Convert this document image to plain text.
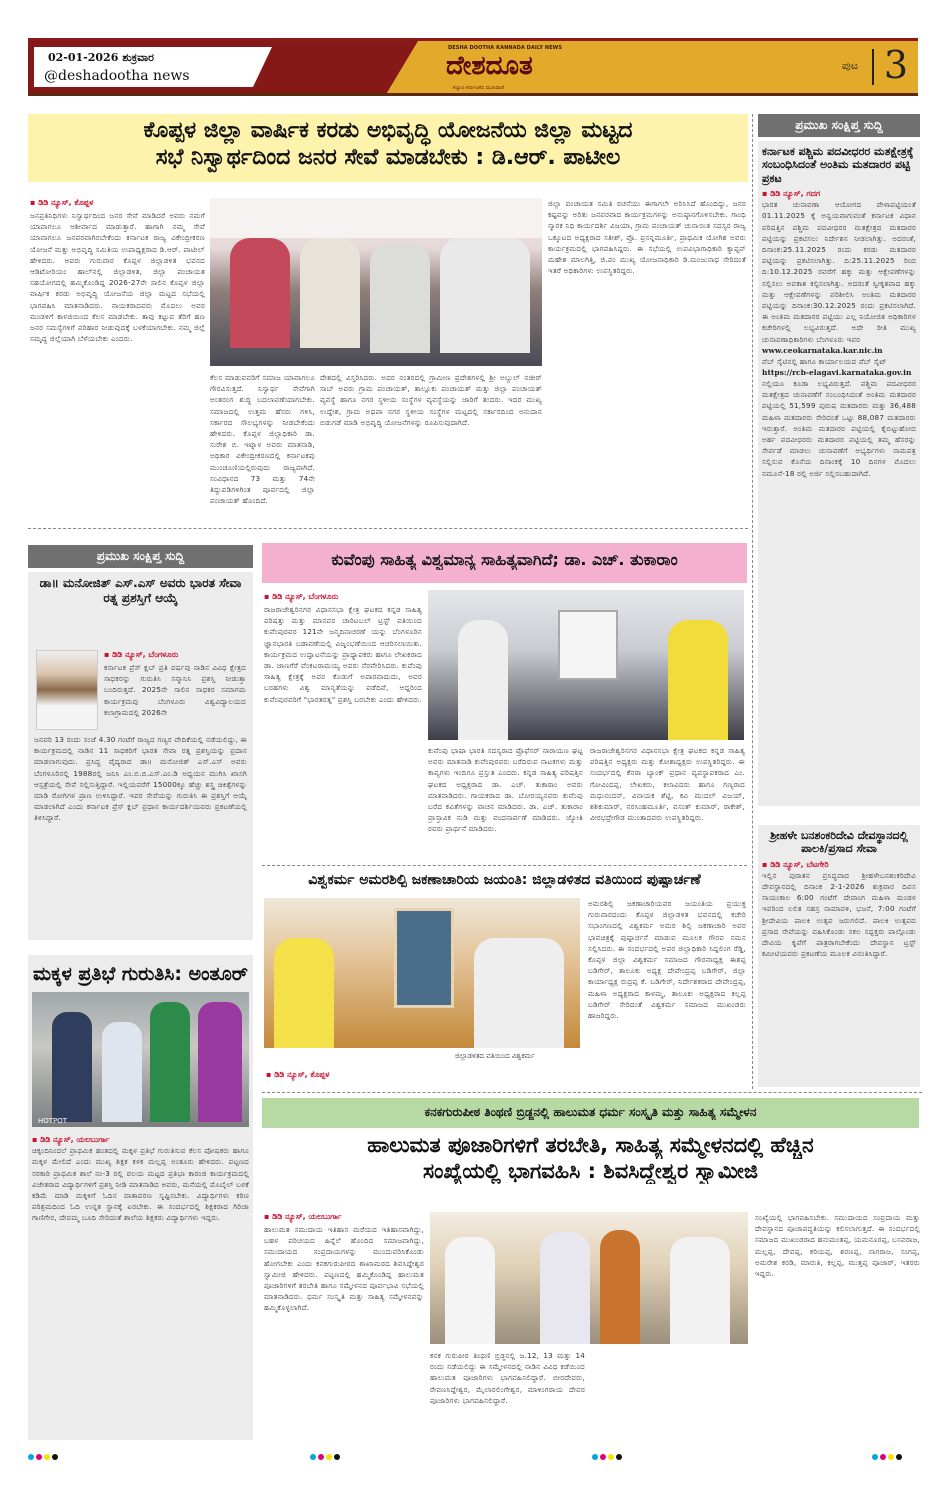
02-01-2026 ಶುಕ್ರವಾರ
@deshadootha news
DESHA DOOTHA KANNADA DAILY NEWS
ದೇಶದೂತ
ಕಲ್ಯಾಣ ಕರ್ನಾಟಕದ ಮುಖವಾಣಿ
ಪುಟ 3
ಕೊಪ್ಪಳ ಜಿಲ್ಲಾ ವಾರ್ಷಿಕ ಕರಡು ಅಭಿವೃದ್ಧಿ ಯೋಜನೆಯ ಜಿಲ್ಲಾ ಮಟ್ಟದ
ಸಭೆ ನಿಸ್ವಾರ್ಥದಿಂದ ಜನರ ಸೇವೆ ಮಾಡಬೇಕು : ಡಿ.ಆರ್. ಪಾಟೀಲ
▪ ಡಿಡಿ ನ್ಯೂಸ್, ಕೊಪ್ಪಳ
ಜನಪ್ರತಿನಿಧಿಗಳು ನಿಸ್ವಾರ್ಥದಿಂದ ಜನರ ಸೇವೆ ಮಾಡಿದರೆ ಅವರು ನಮಗೆ ಯಾವಾಗಲೂ ಆಶೀರ್ವಾದ ಮಾಡುತ್ತಾರೆ. ಹಾಗಾಗಿ ನಮ್ಮ ಸೇವೆ ಯಾವಾಗಲೂ ಜನಪರವಾಗಿರಬೇಕೆಂದು ಕರ್ನಾಟಕ ರಾಜ್ಯ ವಿಕೇಂದ್ರೀಕರಣ ಯೋಜನೆ ಮತ್ತು ಅಭಿವೃದ್ಧಿ ಸಮಿತಿಯ ಉಪಾಧ್ಯಕ್ಷರಾದ ಡಿ.ಆರ್. ಪಾಟೀಲ್ ಹೇಳಿದರು. ಅವರು ಗುರುವಾರ ಕೊಪ್ಪಳ ಜಿಲ್ಲಾಡಳಿತ ಭವನದ ಆಡಿಟೋರಿಯಂ ಹಾಲ್‌ನಲ್ಲಿ ಜಿಲ್ಲಾಡಳಿತ, ಜಿಲ್ಲಾ ಪಂಚಾಯತ ಸಹಯೋಗದಲ್ಲಿ ಹಮ್ಮಿಕೊಂಡಿದ್ದ 2026-27ನೇ ಸಾಲಿನ ಕೊಪ್ಪಳ ಜಿಲ್ಲಾ ವಾರ್ಷಿಕ ಕರಡು ಅಭಿವೃದ್ಧಿ ಯೋಜನೆಯ ಜಿಲ್ಲಾ ಮಟ್ಟದ ಸಭೆಯಲ್ಲಿ ಭಾಗವಹಿಸಿ ಮಾತನಾಡಿದರು. ನಾಯಕರಾದವರು ಮೊದಲು ಅವರ ಮಂಡಳಿಗೆ ಕಾಳಜಿಯಿಂದ ಕೆಲಸ ಮಾಡಬೇಕು. ತಾವು ಕಟ್ಟುವ ತೆರಿಗೆ ಹಣ ಜನರ ಸಮಸ್ಯೆಗಳಿಗೆ ಪರಿಹಾರ ನೀಡುವುದಕ್ಕೆ ಬಳಕೆಯಾಗಬೇಕು. ನಮ್ಮ ಜಿಲ್ಲೆ ಸಮೃದ್ಧ ಜಿಲ್ಲೆಯಾಗಿ ಬೆಳೆಯಬೇಕು ಎಂದರು.
ಕೆಲಸ ಮಾಡುವವರಿಗೆ ಸಮಾಜ ಯಾವಾಗಲೂ ಗೌರವಿಸುತ್ತದೆ. ನಿಸ್ವಾರ್ಥ ಸೇವೆಗಾಗಿ ಅಂತರಂಗ ಶುದ್ಧಿ ಬದಲಾವಣೆಯಾಗಬೇಕು. ಸಮಾಜದಲ್ಲಿ ಉತ್ತಮ ಹೆಸರು ಗಳಿಸಿ, ಸರ್ಕಾರದ ಸೌಲಭ್ಯಗಳನ್ನು ನೀಡಬೇಕೆಂದು ಹೇಳಿದರು. ಕೊಪ್ಪಳ ಜಿಲ್ಲಾಧಿಕಾರಿ ಡಾ. ಸುರೇಶ ಬಿ. ಇಟ್ನಾಳ ಅವರು ಮಾತನಾಡಿ, ಅಧಿಕಾರ ವಿಕೇಂದ್ರೀಕರಣದಲ್ಲಿ ಕರ್ನಾಟಕವು ಮುಂಚೂಣಿಯಲ್ಲಿರುವುದು ರಾಜ್ಯವಾಗಿದೆ. ಸಂವಿಧಾನದ 73 ಮತ್ತು 74ನೇ ತಿದ್ದುಪಡಿಗಳಿಗಿಂತ ಪೂರ್ವದಲ್ಲಿ ಜಿಲ್ಲಾ ಪಂಚಾಯತ್ ಹೊಂದಿದೆ.
ದೇಶದಲ್ಲಿ ವಿಸ್ತರಿಸಿದರು. ಅದರ ನಂತರದಲ್ಲಿ ಗ್ರಾಮೀಣ ಪ್ರದೇಶಗಳಲ್ಲಿ ಶ್ರೀ ಅಬ್ದುಲ್ ನಜೀರ್ ಸಾಬ್ ಅವರು ಗ್ರಾಮ ಪಂಚಾಯತ್, ತಾಲ್ಲೂಕು ಪಂಚಾಯತ್ ಮತ್ತು ಜಿಲ್ಲಾ ಪಂಚಾಯತ್ ವ್ಯವಸ್ಥೆ ಹಾಗೂ ನಗರ ಸ್ಥಳೀಯ ಸಂಸ್ಥೆಗಳ ವ್ಯವಸ್ಥೆಯನ್ನು ಜಾರಿಗೆ ತಂದರು. ಇದರ ಮುಖ್ಯ ಉದ್ದೇಶ, ಗ್ರಾಮ ಅಥವಾ ನಗರ ಸ್ಥಳೀಯ ಸಂಸ್ಥೆಗಳ ಮಟ್ಟದಲ್ಲಿ ಸರ್ಕಾರದಿಂದ ಅನುದಾನ ಬಿಡುಗಡೆ ಮಾಡಿ ಅಭಿವೃದ್ಧಿ ಯೋಜನೆಗಳನ್ನು ರೂಪಿಸುವುದಾಗಿದೆ.
ಜಿಲ್ಲಾ ಪಂಚಾಯತ ಸಮಿತಿ ರಚನೆಯು ಈಗಾಗಲೇ ಅರಿಸಿಸಿದೆ ಹೊಂದಿದ್ದು, ಜನರ ಕಷ್ಟವನ್ನು ಅರಿತು ಜನಪರವಾದ ಕಾರ್ಯಕ್ರಮಗಳನ್ನು ಅನುಷ್ಠಾನಗೊಳಿಸಬೇಕು. ಗಾಂಧಿ ಸ್ಮಾರಕ ನಿಧಿ ಕಾರ್ಯದರ್ಶಿ ವಿಜಯಾ, ಗ್ರಾಮ ಪಂಚಾಯತ್ ಚುನಾಯಿತ ಸದಸ್ಯರ ರಾಜ್ಯ ಒಕ್ಕೂಟದ ಅಧ್ಯಕ್ಷರಾದ ಸತೀಶ್, ಪ್ರೊ. ಪ್ರಸನ್ನಮೂರ್ತಿ, ಪ್ರಾಥಮಿಕ ಯೋಗಿಶ ಅವರು ಕಾರ್ಯಕ್ರಮದಲ್ಲಿ ಭಾಗವಹಿಸಿದ್ದರು. ಈ ಸಭೆಯಲ್ಲಿ ಉಪವಿಭಾಗಾಧಿಕಾರಿ ಕ್ಯಾಪ್ಟನ್ ಮಹೇಶ ಮಾಲಗಿತ್ತಿ, ಜಿ.ಪಂ ಮುಖ್ಯ ಯೋಜನಾಧಿಕಾರಿ ಡಿ.ಮಂಜುನಾಥ ಸೇರಿದಂತೆ ಇತರೆ ಅಧಿಕಾರಿಗಳು ಉಪಸ್ಥಿತರಿದ್ದರು.
ಪ್ರಮುಖ ಸಂಕ್ಷಿಪ್ತ ಸುದ್ದಿ
ಕರ್ನಾಟಕ ಪಶ್ಚಿಮ ಪದವೀಧರರ ಮತಕ್ಷೇತ್ರಕ್ಕೆ ಸಂಬಂಧಿಸಿದಂತೆ ಅಂತಿಮ ಮತದಾರರ ಪಟ್ಟಿ ಪ್ರಕಟ
▪ ಡಿಡಿ ನ್ಯೂಸ್, ಗದಗ
ಭಾರತ ಚುನಾವಣಾ ಆಯೋಗದ ವೇಳಾಪಟ್ಟಿಯಂತೆ 01.11.2025 ಕ್ಕೆ ಅನ್ವಯವಾಗುವಂತೆ ಕರ್ನಾಟಕ ವಿಧಾನ ಪರಿಷತ್ತಿನ ಪಶ್ಚಿಮ ಪದವೀಧರರ ಮತಕ್ಷೇತ್ರದ ಮತದಾರರ ಪಟ್ಟಿಯನ್ನು ಪ್ರಕಟಿಸಲು ನಿರ್ದೇಶನ ನೀಡಲಾಗಿತ್ತು. ಅದರಂತೆ, ದಿನಾಂಕ:25.11.2025 ರಂದು ಕರಡು ಮತದಾರರ ಪಟ್ಟಿಯನ್ನು ಪ್ರಕಟಿಸಲಾಗಿತ್ತು. ದಿ:25.11.2025 ರಿಂದ ದಿ:10.12.2025 ರವರೆಗೆ ಹಕ್ಕು ಮತ್ತು ಆಕ್ಷೇಪಣೆಗಳನ್ನು ಸಲ್ಲಿಸಲು ಅವಕಾಶ ಕಲ್ಪಿಸಲಾಗಿತ್ತು. ಅದರಂತೆ ಸ್ವೀಕೃತವಾದ ಹಕ್ಕು ಮತ್ತು ಆಕ್ಷೇಪಣೆಗಳನ್ನು ಪರಿಶೀಲಿಸಿ ಅಂತಿಮ ಮತದಾರರ ಪಟ್ಟಿಯನ್ನು ದಿನಾಂಕ:30.12.2025 ರಂದು ಪ್ರಕಟಿಸಲಾಗಿದೆ. ಈ ಅಂತಿಮ ಮತದಾರರ ಪಟ್ಟಿಯು ಎಲ್ಲ ನಿಯೋಜಿತ ಅಧಿಕಾರಿಗಳ ಕಚೇರಿಗಳಲ್ಲಿ ಲಭ್ಯವಿರುತ್ತದೆ. ಅದೇ ರೀತಿ ಮುಖ್ಯ ಚುನಾವಣಾಧಿಕಾರಿಗಳು ಬೆಂಗಳೂರು ಇವರ
www.ceokarnataka.kar.nic.in
ವೆಬ್ ಸೈಟಿನಲ್ಲಿ ಹಾಗೂ ಕಾರ್ಯಾಲಯದ ವೆಬ್ ಸೈಟ್
https://rcb-elagavi.karnataka.gov.in
ನಲ್ಲಿಯೂ ಕೂಡಾ ಲಭ್ಯವಿರುತ್ತದೆ. ಪಶ್ಚಿಮ ಪದವೀಧರರ ಮತಕ್ಷೇತ್ರದ ಚುನಾವಣೆಗೆ ಸಂಬಂಧಿಸಿದಂತೆ ಅಂತಿಮ ಮತದಾರರ ಪಟ್ಟಿಯಲ್ಲಿ 51,599 ಪುರುಷ ಮತದಾರರು ಮತ್ತು 36,488 ಮಹಿಳಾ ಮತದಾರರು ಸೇರಿದಂತೆ ಒಟ್ಟು 88,087 ಮತದಾರರು ಇರುತ್ತಾರೆ. ಅಂತಿಮ ಮತದಾರರ ಪಟ್ಟಿಯಲ್ಲಿ ಕೈಬಿಟ್ಟುಹೋದ ಅರ್ಹ ಪದವೀಧರರು ಮತದಾರರ ಪಟ್ಟಿಯಲ್ಲಿ ತಮ್ಮ ಹೆಸರನ್ನು ಸೇರ್ಪಡೆ ಮಾಡಲು ಚುನಾವಣೆಗೆ ಅಭ್ಯರ್ಥಿಗಳು ನಾಮಪತ್ರ ಸಲ್ಲಿಸುವ ಕೊನೆಯ ದಿನಾಂಕಕ್ಕೆ 10 ದಿನಗಳ ಮೊದಲು ನಮೂನೆ-18 ರಲ್ಲಿ ಅರ್ಜಿ ಸಲ್ಲಿಸಬಹುದಾಗಿದೆ.
ಶ್ರೀಹಳೇ ಬನಶಂಕರಿದೇವಿ ದೇವಸ್ಥಾನದಲ್ಲಿ ಪಾಲಕಿ/ಪ್ರಸಾದ ಸೇವಾ
▪ ಡಿಡಿ ನ್ಯೂಸ್, ಬೆಟಗೇರಿ
ಇಲ್ಲಿನ ಪುರಾತನ ಪ್ರಸಿದ್ಧವಾದ ಶ್ರೀಹಳೇಬನಶಂಕರಿದೇವಿ ದೇವಸ್ಥಾನದಲ್ಲಿ ದಿನಾಂಕ 2-1-2026 ಶುಕ್ರವಾರ ದಿವಸ ಸಾಯಂಕಾಲ 6:00 ಗಂಟೆಗೆ ದೇವಾಂಗ ಮಹಿಳಾ ಮಂಡಳ ಇವರಿಂದ ಲಲಿತ ಸಹಸ್ರ ನಾಮಾವಳಿ, ಭಜನೆ, 7:00 ಗಂಟೆಗೆ ಶ್ರೀದೇವಿಯ ಪಾಲಕಿ ಉತ್ಸವ ಜರುಗಲಿದೆ. ಪಾಲಕಿ ಉತ್ಸವದ ಪ್ರಸಾದ ಸೇವೆಯನ್ನು ವಹಿಸಿಕೊಂಡು ಸಕಲ ಸದ್ಭಕ್ತರು ಪಾಲ್ಗೊಂಡು ದೇವಿಯ ಕೃಪೆಗೆ ಪಾತ್ರರಾಗಬೇಕೆಂದು ದೇವಸ್ಥಾನ ಟ್ರಸ್ಟ್ ಕಮೀಟಿಯವರು ಪ್ರಕಟಣೆಯ ಮೂಲಕ ವಿನಂತಿಸಿದ್ದಾರೆ.
ಪ್ರಮುಖ ಸಂಕ್ಷಿಪ್ತ ಸುದ್ದಿ
ಡಾ॥ ಮನೋಜಿತ್ ಎಸ್.ಎಸ್ ಅವರು ಭಾರತ ಸೇವಾ ರತ್ನ ಪ್ರಶಸ್ತಿಗೆ ಆಯ್ಕೆ
▪ ಡಿಡಿ ನ್ಯೂಸ್, ಬೆಂಗಳೂರು
ಕರ್ನಾಟಕ ಪ್ರೆಸ್ ಕ್ಲಬ್ ಪ್ರತಿ ವರ್ಷವು ನಾಡಿನ ವಿವಿಧ ಕ್ಷೇತ್ರದ ಸಾಧಕರನ್ನು ಗುರುತಿಸಿ ಸನ್ಮಾನಿಸಿ ಪ್ರಶಸ್ತಿ ನೀಡುತ್ತಾ ಬಂದಿರುತ್ತದೆ. 2025ನೇ ಸಾಲಿನ ಸಾಧಕರ ಸಮಾಗಮ ಕಾರ್ಯಕ್ರಮವು ಬೆಂಗಳೂರು ವಿಶ್ವವಿದ್ಯಾಲಯದ ಕಲಾಗ್ರಾಮದಲ್ಲಿ 2026ನೇ
ಜನವರಿ 13 ರಂದು ಸಂಜೆ 4.30 ಗಂಟೆಗೆ ರಾಜ್ಯದ ಗಣ್ಯರ ವೇದಿಕೆಯಲ್ಲಿ ನಡೆಯಲಿದ್ದು, ಈ ಕಾರ್ಯಕ್ರಮದಲ್ಲಿ ನಾಡಿನ 11 ಸಾಧಕರಿಗೆ ಭಾರತ ಸೇವಾ ರತ್ನ ಪ್ರಶಸ್ತಿಯನ್ನು ಪ್ರದಾನ ಮಾಡಲಾಗುವುದು. ಪ್ರಸಿದ್ಧ ವೈದ್ಯರಾದ ಡಾ॥ ಮನೋಜಿತ್ ಎಸ್.ಎಸ್ ಅವರು ಬೆಂಗಳೂರಿನಲ್ಲಿ 1988ರಲ್ಲಿ ಜನಿಸಿ ಎಂ.ಬಿ.ಬಿ.ಎಸ್.ಎಂ.ಡಿ ಅಧ್ಯಯನ ಮುಗಿಸಿ ಖಾಸಗಿ ಆಸ್ಪತ್ರೆಯಲ್ಲಿ ಸೇವೆ ಸಲ್ಲಿಸುತ್ತಿದ್ದಾರೆ. ಇಲ್ಲಿಯವರೆಗೆ 15000ಕ್ಕೂ ಹೆಚ್ಚು ಶಸ್ತ್ರ ಚಿಕಿತ್ಸೆಗಳನ್ನು ಮಾಡಿ ರೋಗಿಗಳ ಪ್ರಾಣ ಉಳಿಸಿದ್ದಾರೆ. ಇವರ ಸೇವೆಯನ್ನು ಗುರುತಿಸಿ ಈ ಪ್ರಶಸ್ತಿಗೆ ಆಯ್ಕೆ ಮಾಡಲಾಗಿದೆ ಎಂದು ಕರ್ನಾಟಕ ಪ್ರೆಸ್ ಕ್ಲಬ್ ಪ್ರಧಾನ ಕಾರ್ಯದರ್ಶಿಯವರು ಪ್ರಕಟಣೆಯಲ್ಲಿ ತಿಳಿಸಿದ್ದಾರೆ.
ಕುವೆಂಪು ಸಾಹಿತ್ಯ ವಿಶ್ವಮಾನ್ಯ ಸಾಹಿತ್ಯವಾಗಿದೆ; ಡಾ. ಎಚ್. ತುಕಾರಾಂ
▪ ಡಿಡಿ ನ್ಯೂಸ್, ಬೆಂಗಳೂರು
ರಾಜರಾಜೇಶ್ವರಿನಗರ ವಿಧಾನಸಭಾ ಕ್ಷೇತ್ರ ಘಟಕದ ಕನ್ನಡ ಸಾಹಿತ್ಯ ಪರಿಷತ್ತು ಮತ್ತು ಮಾನವರ ಚಾರಿಟಬಲ್ ಟ್ರಸ್ಟ್ ವತಿಯಿಂದ ಕುವೆಂಪುರವರ 121ನೇ ಜನ್ಮದಿನಾಚರಣೆ ಯನ್ನು ಬೆಂಗಳೂರಿನ ಜ್ಞಾನಭಾರತಿ ಬಡಾವಣೆಯಲ್ಲಿ ವಿಜೃಂಭಣೆಯಿಂದ ಆಚರಿಸಲಾಯಿತು. ಕಾರ್ಯಕ್ರಮದ ಉದ್ಘಾಟನೆಯನ್ನು ಪ್ರಾಧ್ಯಾಪಕರು ಹಾಗೂ ಲೇಖಕರಾದ ಡಾ. ಜಾಣಗೆರೆ ವೆಂಕಟರಾಮಯ್ಯ ಅವರು ನೆರವೇರಿಸಿದರು. ಕುವೆಂಪು ಸಾಹಿತ್ಯ ಕ್ಷೇತ್ರಕ್ಕೆ ಅವರ ಕೊಡುಗೆ ಅಪಾರವಾದುದು, ಅವರ ಬರಹಗಳು ವಿಶ್ವ ಮಾನ್ಯತೆಯನ್ನು ಪಡೆದಿವೆ, ಆದ್ದರಿಂದ ಕುವೆಂಪುರವರಿಗೆ "ಭಾರತರತ್ನ" ಪ್ರಶಸ್ತಿ ಬರಬೇಕು ಎಂದು ಹೇಳಿದರು.
ಕುವೆಂಪು ಭಾಷಾ ಭಾರತಿ ಸದಸ್ಯರಾದ ಪ್ರೊಫೆಸರ್ ನಾರಾಯಣ ಘಟ್ಟ ಅವರು ಮಾತನಾಡಿ ಕುವೆಂಪುರವರು ಬರೆದಿರುವ ನಾಟಕಗಳು ಮತ್ತು ಕಾವ್ಯಗಳು ಇಂದಿಗೂ ಪ್ರಸ್ತುತ ಎಂದರು. ಕನ್ನಡ ಸಾಹಿತ್ಯ ಪರಿಷತ್ತಿನ ಘಟಕದ ಅಧ್ಯಕ್ಷರಾದ ಡಾ. ಎಚ್. ತುಕಾರಾಂ ಅವರು ಮಾತನಾಡಿದರು. ಗಾಯಕರಾದ ಡಾ. ಬೋರಯ್ಯನವರು ಕುವೆಂಪು ಬರೆದ ಕವಿತೆಗಳನ್ನು ವಾಚನ ಮಾಡಿದರು. ಡಾ. ಎಚ್. ತುಕಾರಾಂ ಪ್ರಾಸ್ತಾವಿಕ ನುಡಿ ಮತ್ತು ವಂದನಾರ್ಪಣೆ ಮಾಡಿದರು. ಜ್ಯೋತಿ ರವರು ಪ್ರಾರ್ಥನೆ ಮಾಡಿದರು.
ರಾಜರಾಜೇಶ್ವರಿನಗರ ವಿಧಾನಸಭಾ ಕ್ಷೇತ್ರ ಘಟಕದ ಕನ್ನಡ ಸಾಹಿತ್ಯ ಪರಿಷತ್ತಿನ ಅಧ್ಯಕ್ಷರು ಮತ್ತು ಕೋಶಾಧ್ಯಕ್ಷರು ಉಪಸ್ಥಿತರಿದ್ದರು. ಈ ಸಂದರ್ಭದಲ್ಲಿ ಕೆನರಾ ಬ್ಯಾಂಕ್ ಪ್ರಧಾನ ವ್ಯವಸ್ಥಾಪಕರಾದ ಎಂ. ಗೋವಿಂದಪ್ಪ, ಲೇಖಕರು, ಕಲಾವಿದರು ಹಾಗೂ ಗಣ್ಯರಾದ ಮಧುನಂದನ್, ವಿನಾಯಕ ಶೆಟ್ಟಿ, ಕವಿ ಮುದಲ್ ವಿಜಯ್, ಶಶಿಕುಮಾರ್, ನರಸಿಂಹಮೂರ್ತಿ, ವಸಂತ್ ಕುಮಾರ್, ರಾಕೇಶ್, ವೀರಭದ್ರೇಗೌಡ ಮುಂತಾದವರು ಉಪಸ್ಥಿತರಿದ್ದರು.
ವಿಶ್ವಕರ್ಮ ಅಮರಶಿಲ್ಪಿ ಜಕಣಾಚಾರಿಯ ಜಯಂತಿ: ಜಿಲ್ಲಾಡಳಿತದ ವತಿಯಿಂದ ಪುಷ್ಪಾರ್ಚಣೆ
ಜಿಲ್ಲಾಡಳಿತದ ವತಿಯಿಂದ ವಿಶ್ವಕರ್ಮ
▪ ಡಿಡಿ ನ್ಯೂಸ್, ಕೊಪ್ಪಳ
ಅಮರಶಿಲ್ಪಿ ಜಕಣಾಚಾರಿಯವರ ಜಯಂತಿಯ ಪ್ರಯುಕ್ತ ಗುರುವಾರದಂದು ಕೊಪ್ಪಳ ಜಿಲ್ಲಾಡಳಿತ ಭವನದಲ್ಲಿ ಕಚೇರಿ ಸಭಾಂಗಣದಲ್ಲಿ ವಿಶ್ವಕರ್ಮ ಅಮರ ಶಿಲ್ಪಿ ಜಕಣಾಚಾರಿ ಅವರ ಭಾವಚಿತ್ರಕ್ಕೆ ಪುಷ್ಪಾರ್ಚನೆ ಮಾಡುವ ಮೂಲಕ ಗೌರವ ನಮನ ಸಲ್ಲಿಸಿದರು. ಈ ಸಂದರ್ಭದಲ್ಲಿ ಅಪರ ಜಿಲ್ಲಾಧಿಕಾರಿ ಸಿದ್ದಲಿಂಗ ರೆಡ್ಡಿ, ಕೊಪ್ಪಳ ಜಿಲ್ಲಾ ವಿಶ್ವಕರ್ಮ ಸಮಾಜದ ಗೌರವಾಧ್ಯಕ್ಷ ಈಶಪ್ಪ ಬಡಿಗೇರ್, ತಾಲೂಕು ಅಧ್ಯಕ್ಷ ದೇವೇಂದ್ರಪ್ಪ ಬಡಿಗೇರ್, ಜಿಲ್ಲಾ ಕಾರ್ಯಾಧ್ಯಕ್ಷ ರುದ್ರಪ್ಪ ಕೆ. ಬಡಿಗೇರ್, ನಿರ್ದೇಶಕರಾದ ದೇವೇಂದ್ರಪ್ಪ, ಮಹಿಳಾ ಅಧ್ಯಕ್ಷರಾದ ಕಾಳಮ್ಮ, ತಾಲೂಕು ಅಧ್ಯಕ್ಷರಾದ ಕಲ್ಲಪ್ಪ ಬಡಿಗೇರ್ ಸೇರಿದಂತೆ ವಿಶ್ವಕರ್ಮ ಸಮಾಜದ ಮುಖಂಡರು ಹಾಜರಿದ್ದರು.
ಮಕ್ಕಳ ಪ್ರತಿಭೆ ಗುರುತಿಸಿ: ಅಂತೂರ್
HOTPOT
▪ ಡಿಡಿ ನ್ಯೂಸ್, ಯಲಬುರ್ಗಾ
ಚಿಕ್ಕಂದಿನಿಂದಲೆ ಪ್ರಾಥಮಿಕ ಹಂತದಲ್ಲಿ ಮಕ್ಕಳ ಪ್ರತಿಭೆ ಗುರುತಿಸುವ ಕೆಲಸ ಪೋಷಕರು ಹಾಗೂ ಮಕ್ಕಳ ಮೇಲಿದೆ ಎಂದು ಮುಖ್ಯ ಶಿಕ್ಷಕ ಕಳಕ ಮಲ್ಲಪ್ಪ ಅಂತೂರು ಹೇಳಿದರು. ಪಟ್ಟಣದ ಸರಕಾರಿ ಪ್ರಾಥಮಿಕ ಶಾಲೆ ನಂ-3 ರಲ್ಲಿ ವಲಯ ಮಟ್ಟದ ಪ್ರತಿಭಾ ಕಾರಂಜಿ ಕಾರ್ಯಕ್ರಮದಲ್ಲಿ ವಿಜೇತರಾದ ವಿದ್ಯಾರ್ಥಿಗಳಿಗೆ ಪ್ರಶಸ್ತಿ ನೀಡಿ ಮಾತನಾಡಿದ ಅವರು, ಮನೆಯಲ್ಲಿ ಮೊಬೈಲ್ ಬಳಕೆ ಕಡಿಮೆ ಮಾಡಿ ಮಕ್ಕಳಿಗೆ ಓದಿನ ವಾತಾವರಣ ಸೃಷ್ಟಿಸಬೇಕು. ವಿದ್ಯಾರ್ಥಿಗಳು ಕಠಿಣ ಪರಿಶ್ರಮದಿಂದ ಓದಿ ಉನ್ನತ ಸ್ಥಾನಕ್ಕೆ ಏರಬೇಕು. ಈ ಸಂದರ್ಭದಲ್ಲಿ ಶಿಕ್ಷಕರಾದ ಗಿರಿಜಾ ಗಾಣಿಗೇರ, ದೇವಮ್ಮ ಬೂದಿ ಸೇರಿದಂತೆ ಶಾಲೆಯ ಶಿಕ್ಷಕರು ವಿದ್ಯಾರ್ಥಿಗಳು ಇದ್ದರು.
ಕನಕಗುರುಪೀಠ ತಿಂಥಣಿ ಬ್ರಿಡ್ಜನಲ್ಲಿ ಹಾಲುಮತ ಧರ್ಮ ಸಂಸ್ಕೃತಿ ಮತ್ತು ಸಾಹಿತ್ಯ ಸಮ್ಮೇಳನ
ಹಾಲುಮತ ಪೂಜಾರಿಗಳಿಗೆ ತರಬೇತಿ, ಸಾಹಿತ್ಯ ಸಮ್ಮೇಳನದಲ್ಲಿ ಹೆಚ್ಚಿನ
ಸಂಖ್ಯೆಯಲ್ಲಿ ಭಾಗವಹಿಸಿ : ಶಿವಸಿದ್ದೇಶ್ವರ ಸ್ವಾಮೀಜಿ
▪ ಡಿಡಿ ನ್ಯೂಸ್, ಯಲಬುರ್ಗಾ
ಹಾಲುಮತ ಸಮುದಾಯ ಇತಿಹಾಸ ಮರೆಯದ ಇತಿಹಾಸವಾಗಿದ್ದು, ಬಹಳ ಪರಿಚಯದ ಹಿನ್ನೆಲೆ ಹೊಂದಿದ ಸಮಾಜವಾಗಿದ್ದು, ಸಮುದಾಯದ ಸಂಪ್ರದಾಯಗಳನ್ನು ಮುಂದುವರಿಸಿಕೊಂಡು ಹೋಗಬೇಕು ಎಂದು ಕನಕಗುರುಪೀಠದ ಶಾಖಾಮಠದ ಶಿವಸಿದ್ದೇಶ್ವರ ಸ್ವಾಮೀಜಿ ಹೇಳಿದರು. ಪಟ್ಟಣದಲ್ಲಿ ಹಮ್ಮಿಕೊಂಡಿದ್ದ ಹಾಲುಮತ ಪೂಜಾರಿಗಳಿಗೆ ತರಬೇತಿ ಹಾಗೂ ಸಮ್ಮೇಳನದ ಪೂರ್ವಭಾವಿ ಸಭೆಯಲ್ಲಿ ಮಾತನಾಡಿದರು. ಧರ್ಮ ಸಂಸ್ಕೃತಿ ಮತ್ತು ಸಾಹಿತ್ಯ ಸಮ್ಮೇಳನವನ್ನು ಹಮ್ಮಿಕೊಳ್ಳಲಾಗಿದೆ.
ಕನಕ ಗುರುಪೀಠ ತಿಂಥಣಿ ಬ್ರಿಡ್ಜನಲ್ಲಿ ಜ.12, 13 ಮತ್ತು 14 ರಂದು ನಡೆಯಲಿದ್ದು ಈ ಸಮ್ಮೇಳನದಲ್ಲಿ ನಾಡಿನ ವಿವಿಧ ಕಡೆಯಿಂದ ಹಾಲುಮತ ಪೂಜಾರಿಗಳು ಭಾಗವಹಿಸಲಿದ್ದಾರೆ. ಬೀರದೇವರು, ರೇವಣಸಿದ್ದೇಶ್ವರ, ಮೈಲಾರಲಿಂಗೇಶ್ವರ, ಮಾಳಿಂಗರಾಯ ದೇವರ ಪೂಜಾರಿಗಳು ಭಾಗವಹಿಸಲಿದ್ದಾರೆ.
ಸಂಖ್ಯೆಯಲ್ಲಿ ಭಾಗವಹಿಸಬೇಕು. ಸಮುದಾಯದ ಸಂಪ್ರದಾಯ ಮತ್ತು ದೇವಸ್ಥಾನದ ಪೂಜಾಪದ್ಧತಿಯನ್ನು ಕಲಿಸಲಾಗುತ್ತದೆ. ಈ ಸಂದರ್ಭದಲ್ಲಿ ಸಮಾಜದ ಮುಖಂಡರಾದ ಹನುಮಂತಪ್ಪ, ಯಮನೂರಪ್ಪ, ಬಸವರಾಜ, ಮಲ್ಲಪ್ಪ, ದೇವಪ್ಪ, ಕರಿಯಪ್ಪ, ಶರಣಪ್ಪ, ನಾಗರಾಜ, ಸಂಗಪ್ಪ, ಅಮರೇಶ ಕರಡಿ, ಮಾರುತಿ, ಕಲ್ಲಪ್ಪ, ಮುತ್ತಪ್ಪ ಪೂಜಾರ್, ಇತರರು ಇದ್ದರು.
